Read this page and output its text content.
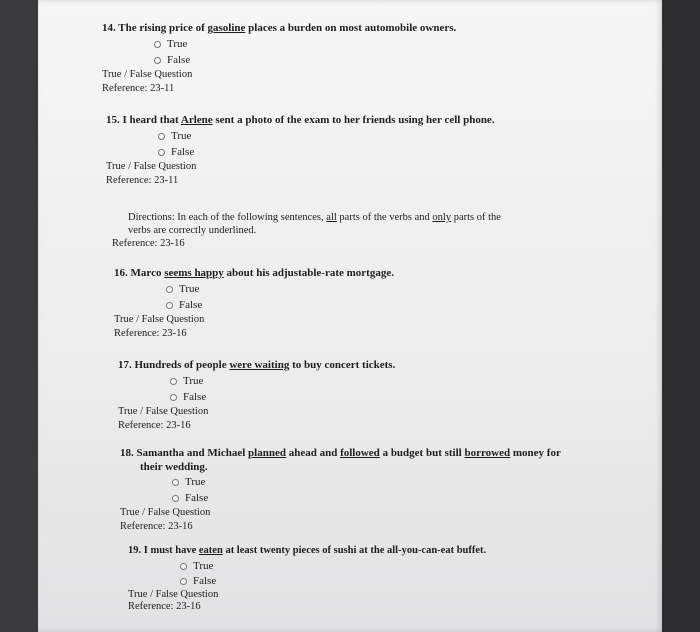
14. The rising price of gasoline places a burden on most automobile owners.
True
False
True / False Question
Reference: 23-11
15. I heard that Arlene sent a photo of the exam to her friends using her cell phone.
True
False
True / False Question
Reference: 23-11
Directions: In each of the following sentences, all parts of the verbs and only parts of the
verbs are correctly underlined.
Reference: 23-16
16. Marco seems happy about his adjustable-rate mortgage.
True
False
True / False Question
Reference: 23-16
17. Hundreds of people were waiting to buy concert tickets.
True
False
True / False Question
Reference: 23-16
18. Samantha and Michael planned ahead and followed a budget but still borrowed money for
their wedding.
True
False
True / False Question
Reference: 23-16
19. I must have eaten at least twenty pieces of sushi at the all-you-can-eat buffet.
True
False
True / False Question
Reference: 23-16
